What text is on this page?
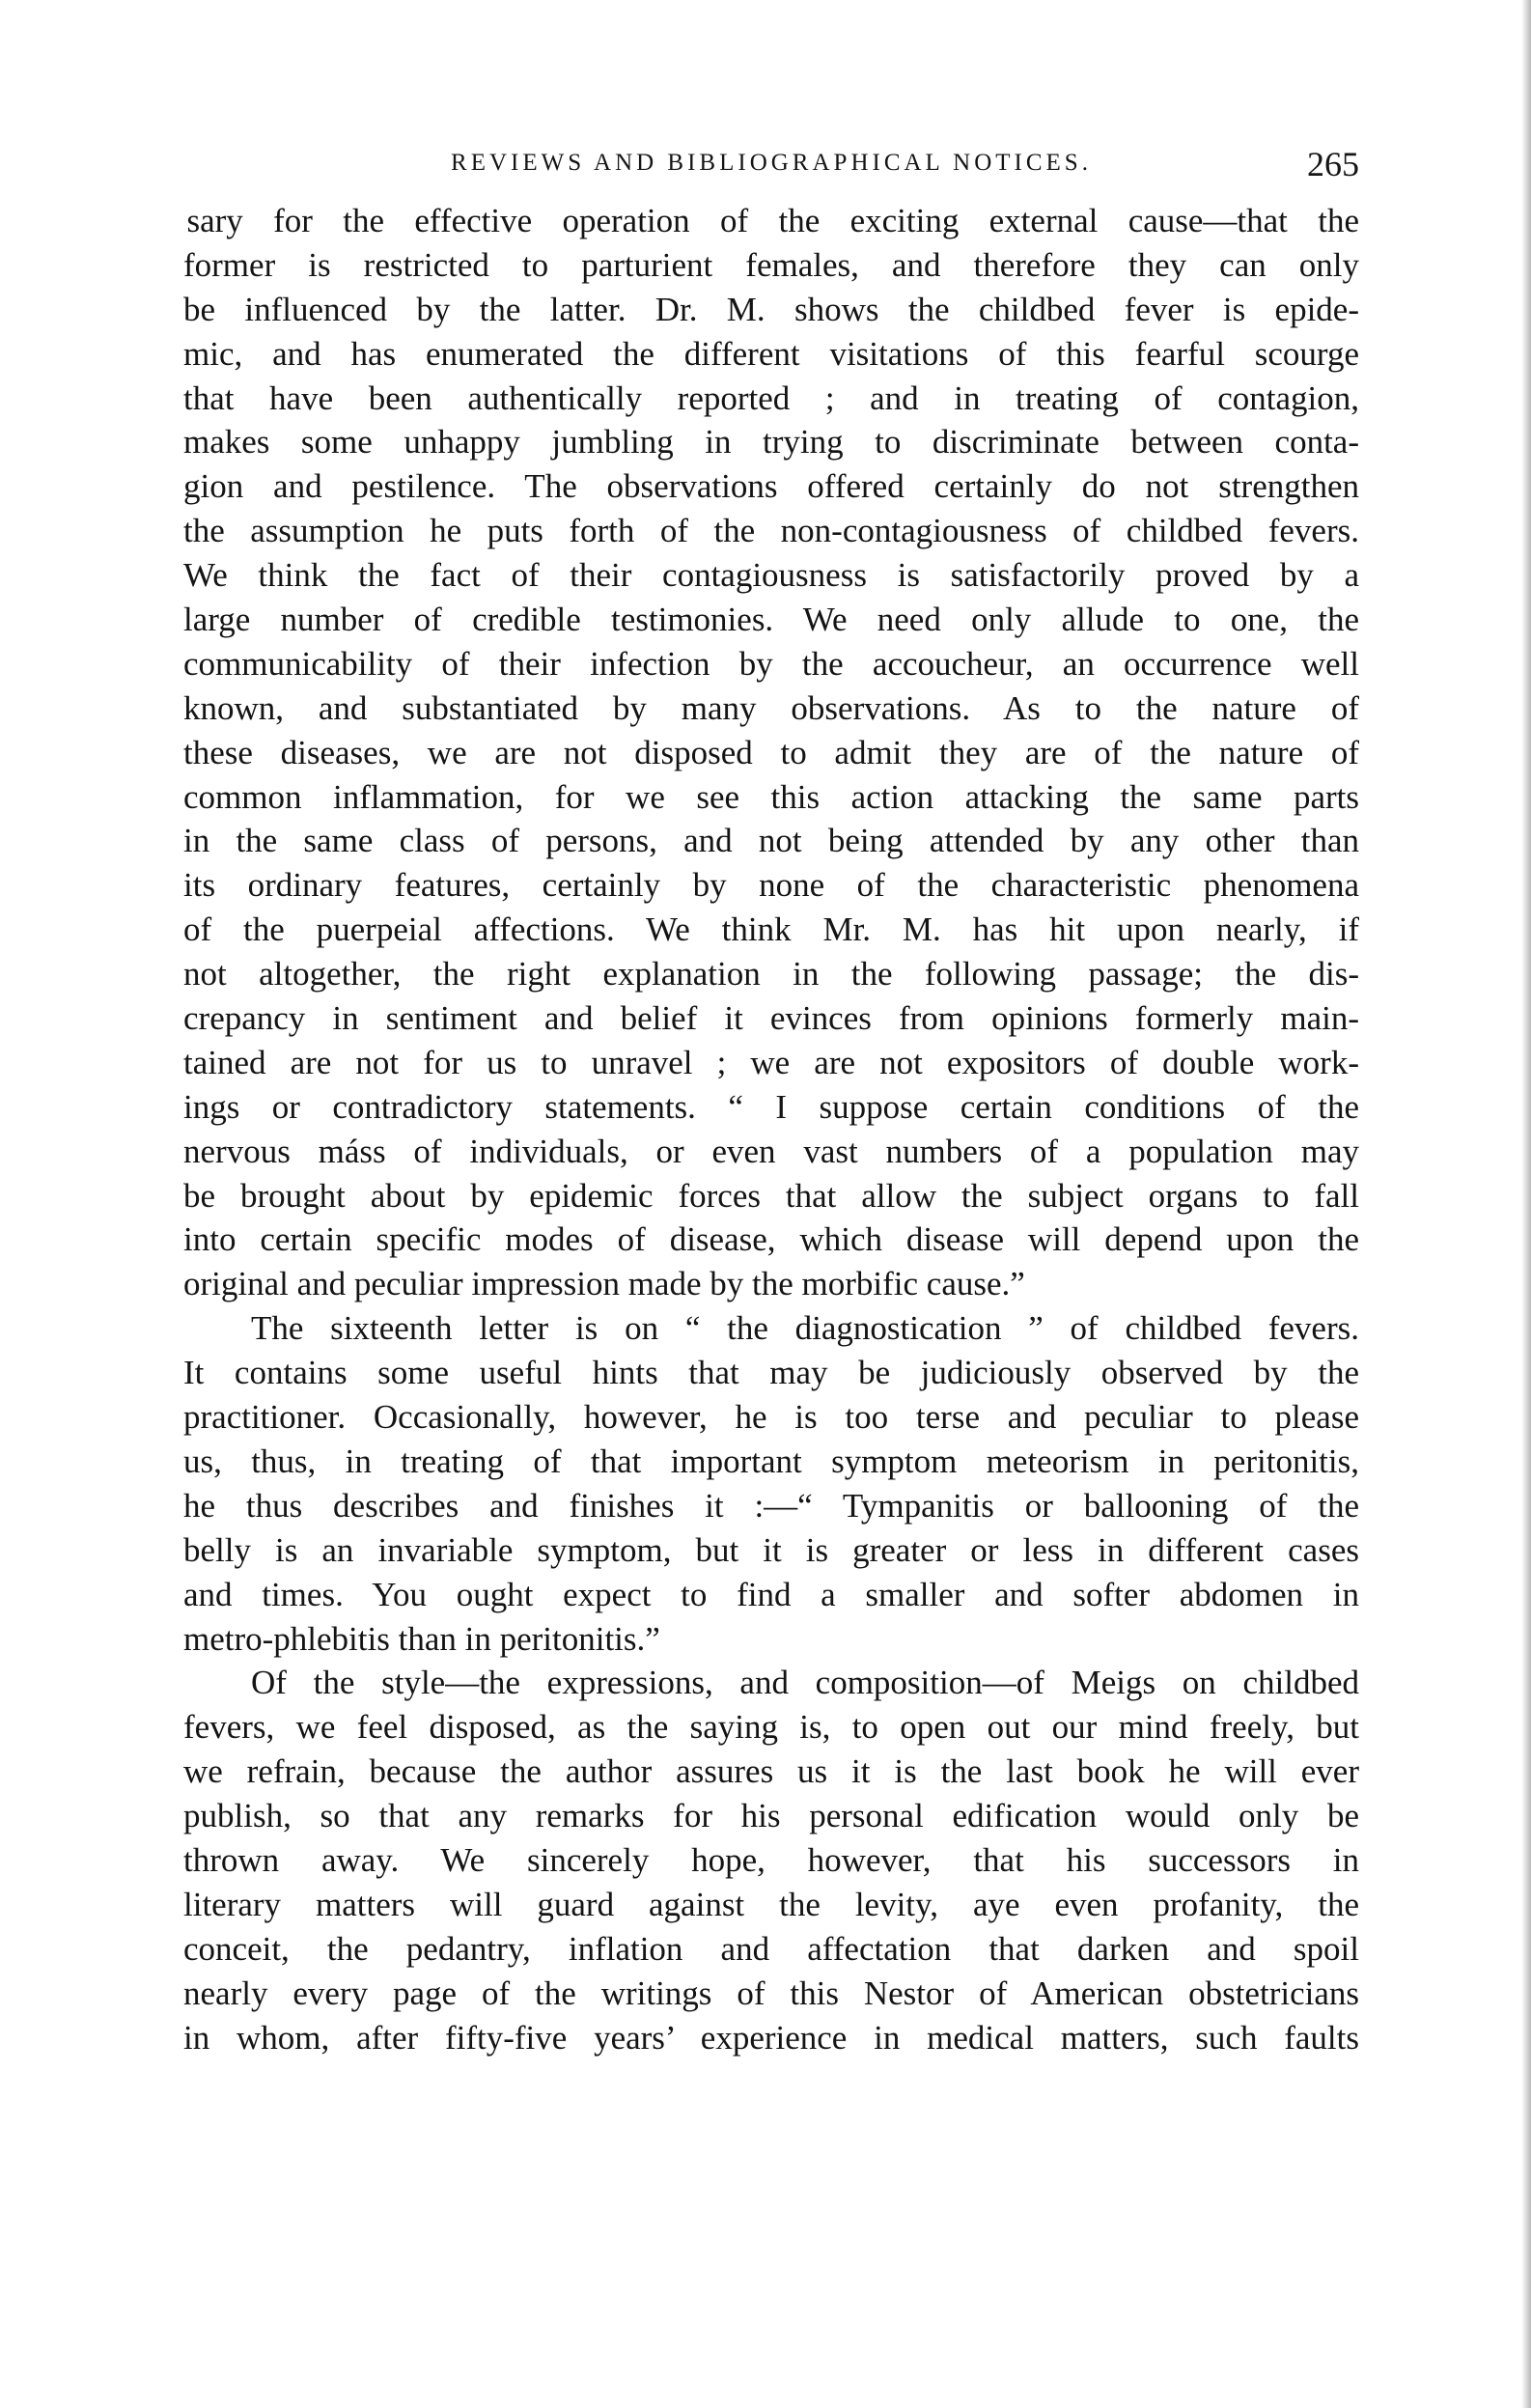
REVIEWS AND BIBLIOGRAPHICAL NOTICES.	265
sary for the effective operation of the exciting external cause—that the
former is restricted to parturient females, and therefore they can only
be influenced by the latter. Dr. M. shows the childbed fever is epide-
mic, and has enumerated the different visitations of this fearful scourge
that have been authentically reported ; and in treating of contagion,
makes some unhappy jumbling in trying to discriminate between conta-
gion and pestilence. The observations offered certainly do not strengthen
the assumption he puts forth of the non-contagiousness of childbed fevers.
We think the fact of their contagiousness is satisfactorily proved by a
large number of credible testimonies. We need only allude to one, the
communicability of their infection by the accoucheur, an occurrence well
known, and substantiated by many observations. As to the nature of
these diseases, we are not disposed to admit they are of the nature of
common inflammation, for we see this action attacking the same parts
in the same class of persons, and not being attended by any other than
its ordinary features, certainly by none of the characteristic phenomena
of the puerpeial affections. We think Mr. M. has hit upon nearly, if
not altogether, the right explanation in the following passage; the dis-
crepancy in sentiment and belief it evinces from opinions formerly main-
tained are not for us to unravel ; we are not expositors of double work-
ings or contradictory statements. “ I suppose certain conditions of the
nervous máss of individuals, or even vast numbers of a population may
be brought about by epidemic forces that allow the subject organs to fall
into certain specific modes of disease, which disease will depend upon the
original and peculiar impression made by the morbific cause.”
The sixteenth letter is on “ the diagnostication ” of childbed fevers.
It contains some useful hints that may be judiciously observed by the
practitioner. Occasionally, however, he is too terse and peculiar to please
us, thus, in treating of that important symptom meteorism in peritonitis,
he thus describes and finishes it :—“ Tympanitis or ballooning of the
belly is an invariable symptom, but it is greater or less in different cases
and times. You ought expect to find a smaller and softer abdomen in
metro-phlebitis than in peritonitis.”
Of the style—the expressions, and composition—of Meigs on childbed
fevers, we feel disposed, as the saying is, to open out our mind freely, but
we refrain, because the author assures us it is the last book he will ever
publish, so that any remarks for his personal edification would only be
thrown away. We sincerely hope, however, that his successors in
literary matters will guard against the levity, aye even profanity, the
conceit, the pedantry, inflation and affectation that darken and spoil
nearly every page of the writings of this Nestor of American obstetricians
in whom, after fifty-five years’ experience in medical matters, such faults
